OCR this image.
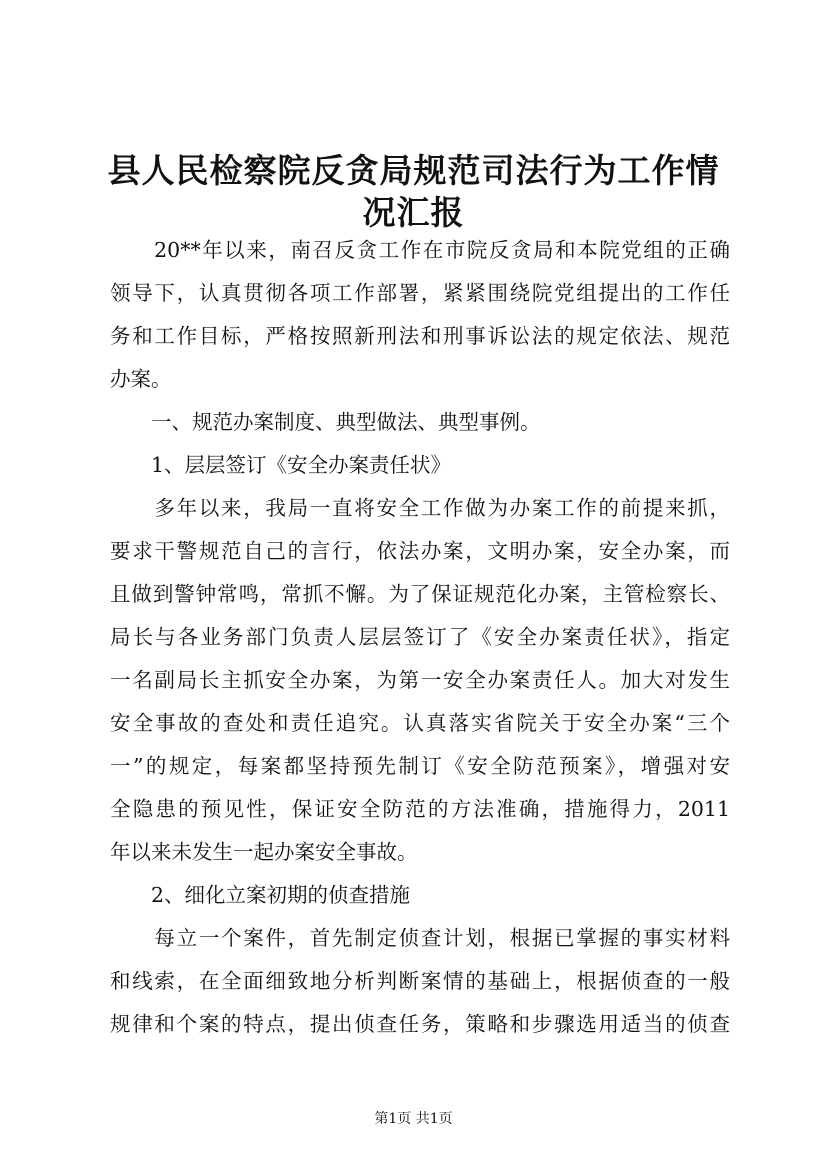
县人民检察院反贪局规范司法行为工作情况汇报
　　20**年以来，南召反贪工作在市院反贪局和本院党组的正确
领导下，认真贯彻各项工作部署，紧紧围绕院党组提出的工作任
务和工作目标，严格按照新刑法和刑事诉讼法的规定依法、规范
办案。
　　一、规范办案制度、典型做法、典型事例。
　　1、层层签订《安全办案责任状》
　　多年以来，我局一直将安全工作做为办案工作的前提来抓，
要求干警规范自己的言行，依法办案，文明办案，安全办案，而
且做到警钟常鸣，常抓不懈。为了保证规范化办案，主管检察长、
局长与各业务部门负责人层层签订了《安全办案责任状》，指定
一名副局长主抓安全办案，为第一安全办案责任人。加大对发生
安全事故的查处和责任追究。认真落实省院关于安全办案“三个
一”的规定，每案都坚持预先制订《安全防范预案》，增强对安
全隐患的预见性，保证安全防范的方法准确，措施得力，2011
年以来未发生一起办案安全事故。
　　2、细化立案初期的侦查措施
　　每立一个案件，首先制定侦查计划，根据已掌握的事实材料
和线索，在全面细致地分析判断案情的基础上，根据侦查的一般
规律和个案的特点，提出侦查任务，策略和步骤选用适当的侦查
第1页 共1页
